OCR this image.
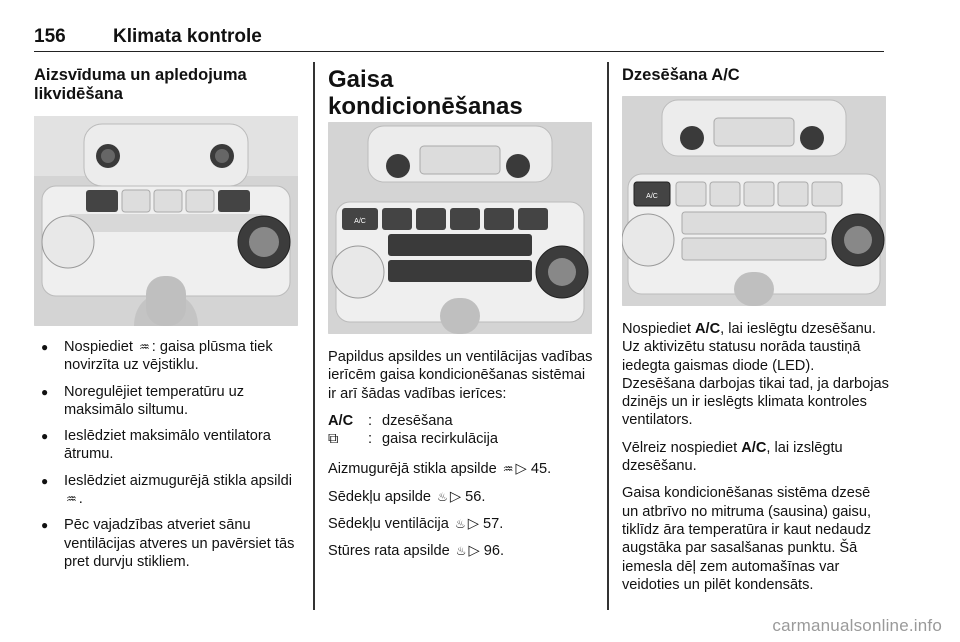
156 Klimata kontrole
Aizsvīduma un apledojuma likvidēšana
● Nospiediet ♒ : gaisa plūsma tiek novirzīta uz vējstiklu.
● Noregulējiet temperatūru uz maksimālo siltumu.
● Ieslēdziet maksimālo ventilatora ātrumu.
● Ieslēdziet aizmugurējā stikla apsildi ♒ .
● Pēc vajadzības atveriet sānu ventilācijas atveres un pavērsiet tās pret durvju stikliem.
Gaisa kondicionēšanas
A/C

Papildus apsildes un ventilācijas vadības ierīcēm gaisa kondicionēšanas sistēmai ir arī šādas vadības ierīces:

A/C	: dzesēšana
⧉	: gaisa recirkulācija

Aizmugurējā stikla apsilde ♒ ▷ 45.

Sēdekļu apsilde ♨ ▷ 56.

Sēdekļu ventilācija ♨ ▷ 57.

Stūres rata apsilde ♨ ▷ 96.

Dzesēšana A/C
A/C

Nospiediet A/C, lai ieslēgtu dzesēšanu. Uz aktivizētu statusu norāda taustiņā iedegta gaismas diode (LED). Dzesēšana darbojas tikai tad, ja darbojas dzinējs un ir ieslēgts klimata kontroles ventilators.

Vēlreiz nospiediet A/C, lai izslēgtu dzesēšanu.

Gaisa kondicionēšanas sistēma dzesē un atbrīvo no mitruma (sausina) gaisu, tiklīdz āra temperatūra ir kaut nedaudz augstāka par sasalšanas punktu. Šā iemesla dēļ zem automašīnas var veidoties un pilēt kondensāts.

carmanualsonline.info
